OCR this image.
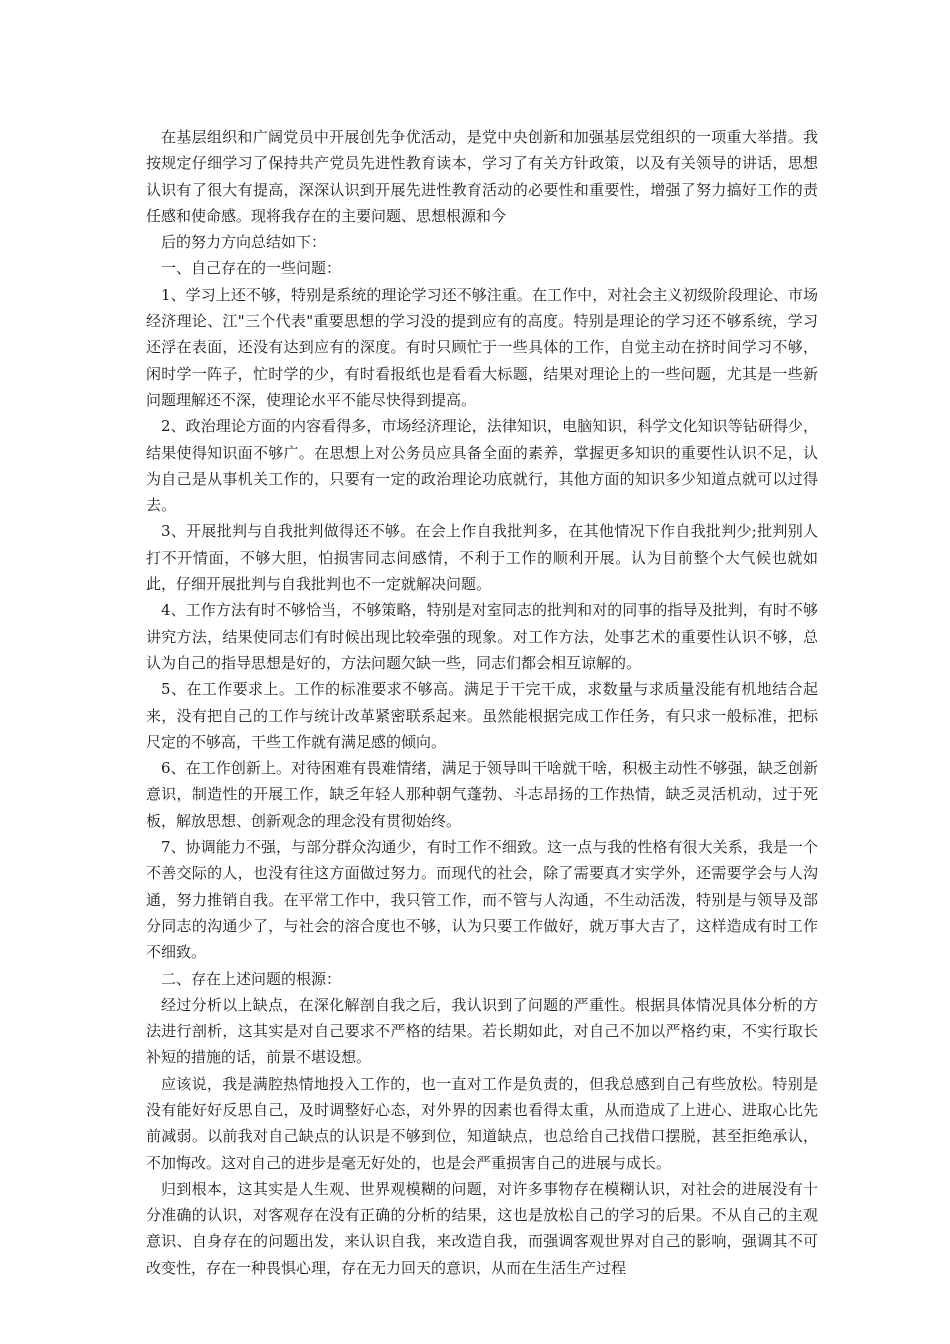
在基层组织和广阔党员中开展创先争优活动，是党中央创新和加强基层党组织的一项重大举措。我按规定仔细学习了保持共产党员先进性教育读本，学习了有关方针政策，以及有关领导的讲话，思想认识有了很大有提高，深深认识到开展先进性教育活动的必要性和重要性，增强了努力搞好工作的责任感和使命感。现将我存在的主要问题、思想根源和今

后的努力方向总结如下：

一、自己存在的一些问题：

1、学习上还不够，特别是系统的理论学习还不够注重。在工作中，对社会主义初级阶段理论、市场经济理论、江"三个代表"重要思想的学习没的提到应有的高度。特别是理论的学习还不够系统，学习还浮在表面，还没有达到应有的深度。有时只顾忙于一些具体的工作，自觉主动在挤时间学习不够，闲时学一阵子，忙时学的少，有时看报纸也是看看大标题，结果对理论上的一些问题，尤其是一些新问题理解还不深，使理论水平不能尽快得到提高。

2、政治理论方面的内容看得多，市场经济理论，法律知识，电脑知识，科学文化知识等钻研得少，结果使得知识面不够广。在思想上对公务员应具备全面的素养，掌握更多知识的重要性认识不足，认为自己是从事机关工作的，只要有一定的政治理论功底就行，其他方面的知识多少知道点就可以过得去。

3、开展批判与自我批判做得还不够。在会上作自我批判多，在其他情况下作自我批判少;批判别人打不开情面，不够大胆，怕损害同志间感情，不利于工作的顺利开展。认为目前整个大气候也就如此，仔细开展批判与自我批判也不一定就解决问题。

4、工作方法有时不够恰当，不够策略，特别是对室同志的批判和对的同事的指导及批判，有时不够讲究方法，结果使同志们有时候出现比较牵强的现象。对工作方法，处事艺术的重要性认识不够，总认为自己的指导思想是好的，方法问题欠缺一些，同志们都会相互谅解的。

5、在工作要求上。工作的标准要求不够高。满足于干完干成，求数量与求质量没能有机地结合起来，没有把自己的工作与统计改革紧密联系起来。虽然能根据完成工作任务，有只求一般标准，把标尺定的不够高，干些工作就有满足感的倾向。

6、在工作创新上。对待困难有畏难情绪，满足于领导叫干啥就干啥，积极主动性不够强，缺乏创新意识，制造性的开展工作，缺乏年轻人那种朝气蓬勃、斗志昂扬的工作热情，缺乏灵活机动，过于死板，解放思想、创新观念的理念没有贯彻始终。

7、协调能力不强，与部分群众沟通少，有时工作不细致。这一点与我的性格有很大关系，我是一个不善交际的人，也没有往这方面做过努力。而现代的社会，除了需要真才实学外，还需要学会与人沟通，努力推销自我。在平常工作中，我只管工作，而不管与人沟通，不生动活泼，特别是与领导及部分同志的沟通少了，与社会的溶合度也不够，认为只要工作做好，就万事大吉了，这样造成有时工作不细致。

二、存在上述问题的根源：

经过分析以上缺点，在深化解剖自我之后，我认识到了问题的严重性。根据具体情况具体分析的方法进行剖析，这其实是对自己要求不严格的结果。若长期如此，对自己不加以严格约束，不实行取长补短的措施的话，前景不堪设想。

应该说，我是满腔热情地投入工作的，也一直对工作是负责的，但我总感到自己有些放松。特别是没有能好好反思自己，及时调整好心态，对外界的因素也看得太重，从而造成了上进心、进取心比先前减弱。以前我对自己缺点的认识是不够到位，知道缺点，也总给自己找借口摆脱，甚至拒绝承认，不加悔改。这对自己的进步是毫无好处的，也是会严重损害自己的进展与成长。

归到根本，这其实是人生观、世界观模糊的问题，对许多事物存在模糊认识，对社会的进展没有十分准确的认识，对客观存在没有正确的分析的结果，这也是放松自己的学习的后果。不从自己的主观意识、自身存在的问题出发，来认识自我，来改造自我，而强调客观世界对自己的影响，强调其不可改变性，存在一种畏惧心理，存在无力回天的意识，从而在生活生产过程
